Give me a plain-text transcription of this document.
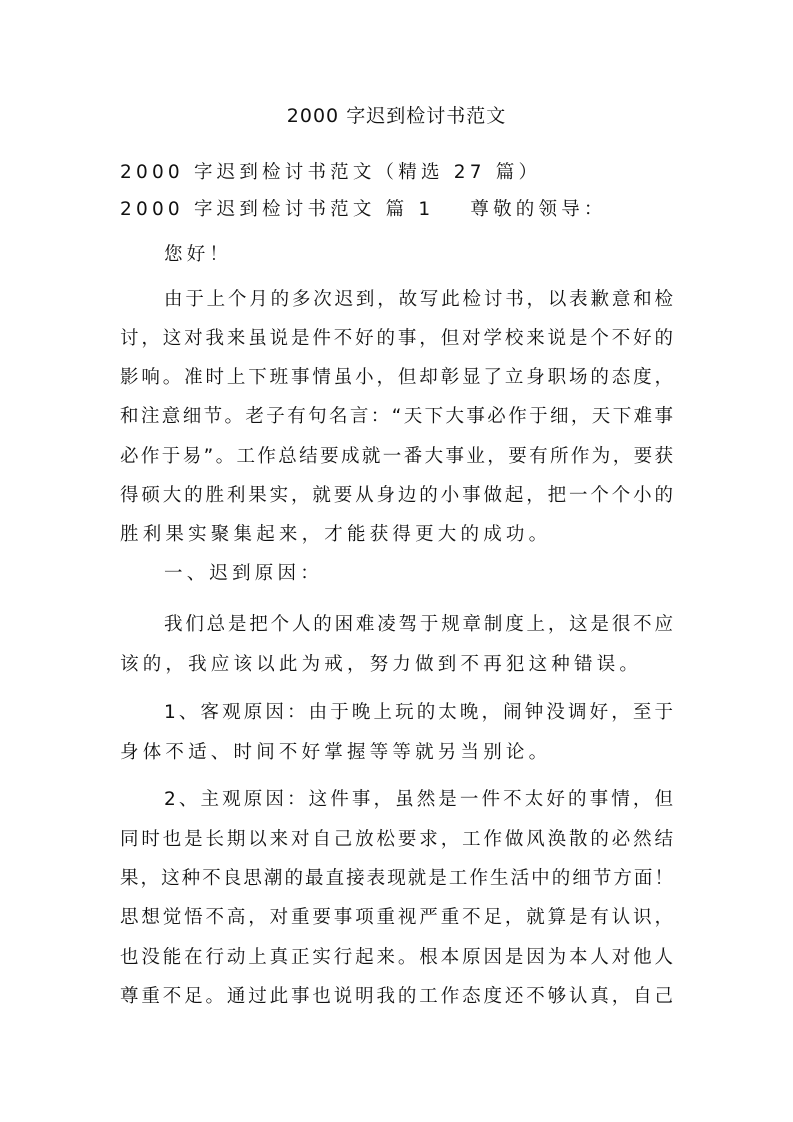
2000 字迟到检讨书范文
2000 字迟到检讨书范文（精选 27 篇）
2000 字迟到检讨书范文 篇 1 尊敬的领导：
您好！
由于上个月的多次迟到，故写此检讨书，以表歉意和检
讨，这对我来虽说是件不好的事，但对学校来说是个不好的
影响。准时上下班事情虽小，但却彰显了立身职场的态度，
和注意细节。老子有句名言：“天下大事必作于细，天下难事
必作于易”。工作总结要成就一番大事业，要有所作为，要获
得硕大的胜利果实，就要从身边的小事做起，把一个个小的
胜利果实聚集起来，才能获得更大的成功。
一、迟到原因：
我们总是把个人的困难凌驾于规章制度上，这是很不应
该的，我应该以此为戒，努力做到不再犯这种错误。
1、客观原因：由于晚上玩的太晚，闹钟没调好，至于
身体不适、时间不好掌握等等就另当别论。
2、主观原因：这件事，虽然是一件不太好的事情，但
同时也是长期以来对自己放松要求，工作做风涣散的必然结
果，这种不良思潮的最直接表现就是工作生活中的细节方面！
思想觉悟不高，对重要事项重视严重不足，就算是有认识，
也没能在行动上真正实行起来。根本原因是因为本人对他人
尊重不足。通过此事也说明我的工作态度还不够认真，自己
